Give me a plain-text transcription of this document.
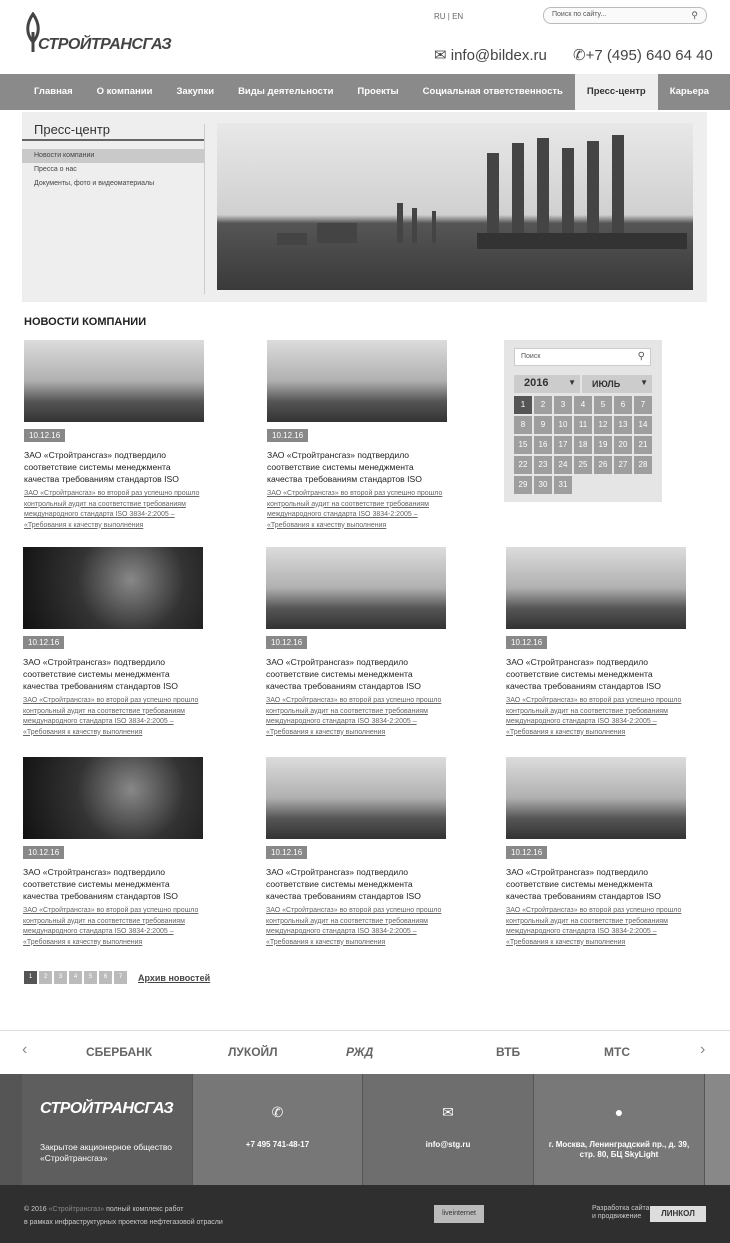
СТРОЙТРАНСГАЗ
RU | EN	Поиск по сайту...	⚲
✉ info@bildex.ru ✆+7 (495) 640 64 40
Главная	О компании	Закупки	Виды деятельности	Проекты	Социальная ответственность	Пресс-центр	Карьера
Пресс-центр
Новости компании
Пресса о нас
Документы, фото и видеоматериалы
НОВОСТИ КОМПАНИИ
10.12.16
ЗАО «Стройтрансгаз» подтвердило соответствие системы менеджмента качества требованиям стандартов ISO
ЗАО «Стройтрансгаз» во второй раз успешно прошло контрольный аудит на соответствие требованиям международного стандарта ISO 3834-2:2005 – «Требования к качеству выполнения
10.12.16
ЗАО «Стройтрансгаз» подтвердило соответствие системы менеджмента качества требованиям стандартов ISO
ЗАО «Стройтрансгаз» во второй раз успешно прошло контрольный аудит на соответствие требованиям международного стандарта ISO 3834-2:2005 – «Требования к качеству выполнения
10.12.16
ЗАО «Стройтрансгаз» подтвердило соответствие системы менеджмента качества требованиям стандартов ISO
ЗАО «Стройтрансгаз» во второй раз успешно прошло контрольный аудит на соответствие требованиям международного стандарта ISO 3834-2:2005 – «Требования к качеству выполнения
10.12.16
ЗАО «Стройтрансгаз» подтвердило соответствие системы менеджмента качества требованиям стандартов ISO
ЗАО «Стройтрансгаз» во второй раз успешно прошло контрольный аудит на соответствие требованиям международного стандарта ISO 3834-2:2005 – «Требования к качеству выполнения
10.12.16
ЗАО «Стройтрансгаз» подтвердило соответствие системы менеджмента качества требованиям стандартов ISO
ЗАО «Стройтрансгаз» во второй раз успешно прошло контрольный аудит на соответствие требованиям международного стандарта ISO 3834-2:2005 – «Требования к качеству выполнения
10.12.16
ЗАО «Стройтрансгаз» подтвердило соответствие системы менеджмента качества требованиям стандартов ISO
ЗАО «Стройтрансгаз» во второй раз успешно прошло контрольный аудит на соответствие требованиям международного стандарта ISO 3834-2:2005 – «Требования к качеству выполнения
10.12.16
ЗАО «Стройтрансгаз» подтвердило соответствие системы менеджмента качества требованиям стандартов ISO
ЗАО «Стройтрансгаз» во второй раз успешно прошло контрольный аудит на соответствие требованиям международного стандарта ISO 3834-2:2005 – «Требования к качеству выполнения
10.12.16
ЗАО «Стройтрансгаз» подтвердило соответствие системы менеджмента качества требованиям стандартов ISO
ЗАО «Стройтрансгаз» во второй раз успешно прошло контрольный аудит на соответствие требованиям международного стандарта ISO 3834-2:2005 – «Требования к качеству выполнения
Поиск	⚲
2016 ▼	ИЮЛЬ ▼
1	2	3	4	5	6	7
8	9	10	11	12	13	14
15	16	17	18	19	20	21
22	23	24	25	26	27	28
29	30	31
1	2	3	4	5	6	7	Архив новостей
‹	СБЕРБАНК	ЛУКОЙЛ	РЖД	ВТБ	МТС	›
СТРОЙТРАНСГАЗ
Закрытое акционерное общество «Стройтрансгаз»
✆
+7 495 741-48-17
✉
info@stg.ru
●
г. Москва, Ленинградский пр., д. 39, стр. 80, БЦ SkyLight
© 2016 «Стройтрансгаз» полный комплекс работ
в рамках инфраструктурных проектов нефтегазовой отрасли
liveinternet
Разработка сайта
и продвижение	ЛИНКОЛ
